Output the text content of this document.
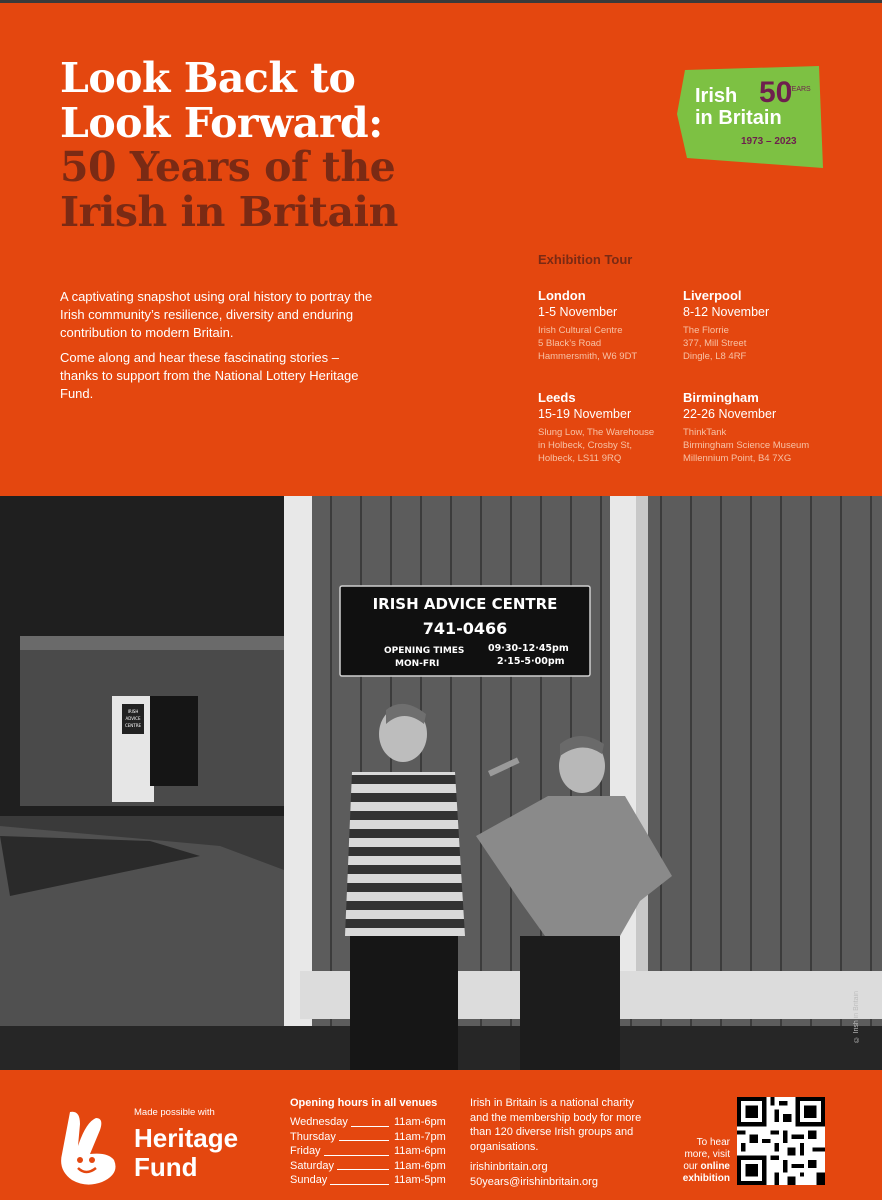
Look Back to
Look Forward:
50 Years of the
Irish in Britain

A captivating snapshot using oral history to portray the Irish community’s resilience, diversity and enduring contribution to modern Britain.

Come along and hear these fascinating stories – thanks to support from the National Lottery Heritage Fund.

Irish
in Britain
50
YEARS
1973 – 2023
Exhibition Tour
London
1-5 November
Irish Cultural Centre
5 Black’s Road
Hammersmith, W6 9DT
Liverpool
8-12 November
The Florrie
377, Mill Street
Dingle, L8 4RF
Leeds
15-19 November
Slung Low, The Warehouse
in Holbeck, Crosby St,
Holbeck, LS11 9RQ
Birmingham
22-26 November
ThinkTank
Birmingham Science Museum
Millennium Point, B4 7XG
IRISH ADVICE CENTRE
741-0466
OPENING TIMES
MON-FRI
09·30-12·45pm
2·15-5·00pm
IRISH
ADVICE
CENTRE
© Irish in Britain
Made possible with
Heritage
Fund
Opening hours in all venues
Wednesday	11am-6pm
Thursday	11am-7pm
Friday	11am-6pm
Saturday	11am-6pm
Sunday	11am-5pm
Irish in Britain is a national charity and the membership body for more than 120 diverse Irish groups and organisations.
irishinbritain.org
50years@irishinbritain.org
To hear
more, visit
our online
exhibition
